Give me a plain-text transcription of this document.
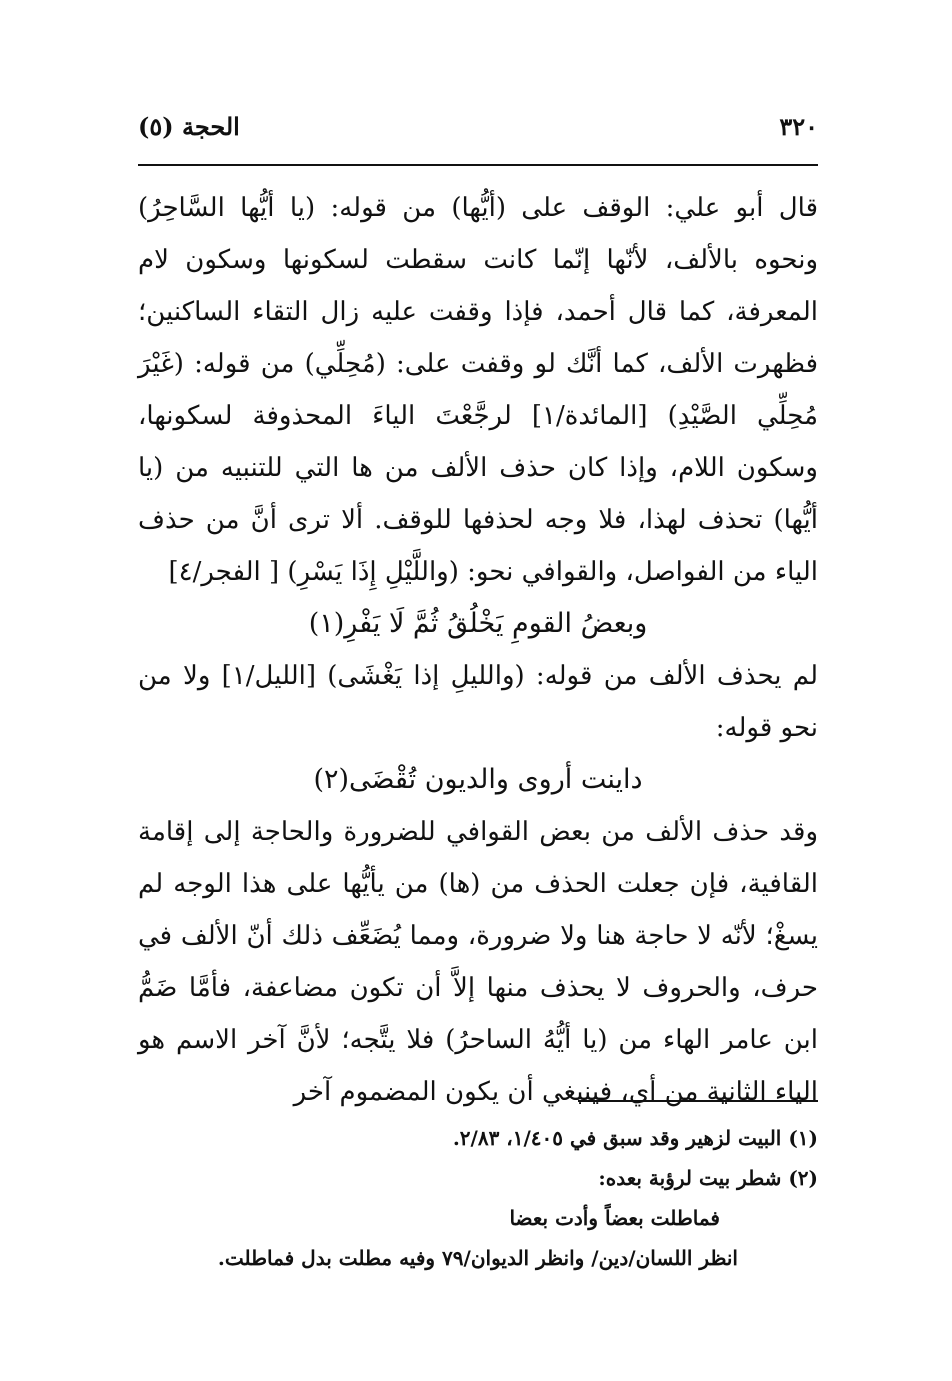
٣٢٠
الحجة (٥)

قال أبو علي: الوقف على (أيُّها) من قوله: (يا أيُّها السَّاحِرُ) ونحوه بالألف، لأنّها إنّما كانت سقطت لسكونها وسكون لام المعرفة، كما قال أحمد، فإذا وقفت عليه زال التقاء الساكنين؛ فظهرت الألف، كما أنَّك لو وقفت على: (مُحِلِّي) من قوله: (غَيْرَ مُحِلِّي الصَّيْدِ) [المائدة/١] لرجَّعْتَ الياءَ المحذوفة لسكونها، وسكون اللام، وإذا كان حذف الألف من ها التي للتنبيه من (يا أيُّها) تحذف لهذا، فلا وجه لحذفها للوقف. ألا ترى أنَّ من حذف الياء من الفواصل، والقوافي نحو: (واللَّيْلِ إِذَا يَسْرِ) [ الفجر/٤]

وبعضُ القومِ يَخْلُقُ ثُمَّ لَا يَفْرِ(١)

لم يحذف الألف من قوله: (والليلِ إذا يَغْشَى) [الليل/١] ولا من نحو قوله:

داينت أروى والديون تُقْضَى(٢)

وقد حذف الألف من بعض القوافي للضرورة والحاجة إلى إقامة القافية، فإن جعلت الحذف من (ها) من يأيُّها على هذا الوجه لم يسغْ؛ لأنّه لا حاجة هنا ولا ضرورة، ومما يُضَعِّف ذلك أنّ الألف في حرف، والحروف لا يحذف منها إلاَّ أن تكون مضاعفة، فأمَّا ضَمُّ ابن عامر الهاء من (يا أيُّهُ الساحرُ) فلا يتَّجه؛ لأنَّ آخر الاسم هو الياء الثانية من أي، فينبغي أن يكون المضموم آخر

(١) البيت لزهير وقد سبق في ١/٤٠٥، ٢/٨٣.

(٢) شطر بيت لرؤبة بعده:

فماطلت بعضاً وأدت بعضا

انظر اللسان/دين/ وانظر الديوان/٧٩ وفيه مطلت بدل فماطلت.
